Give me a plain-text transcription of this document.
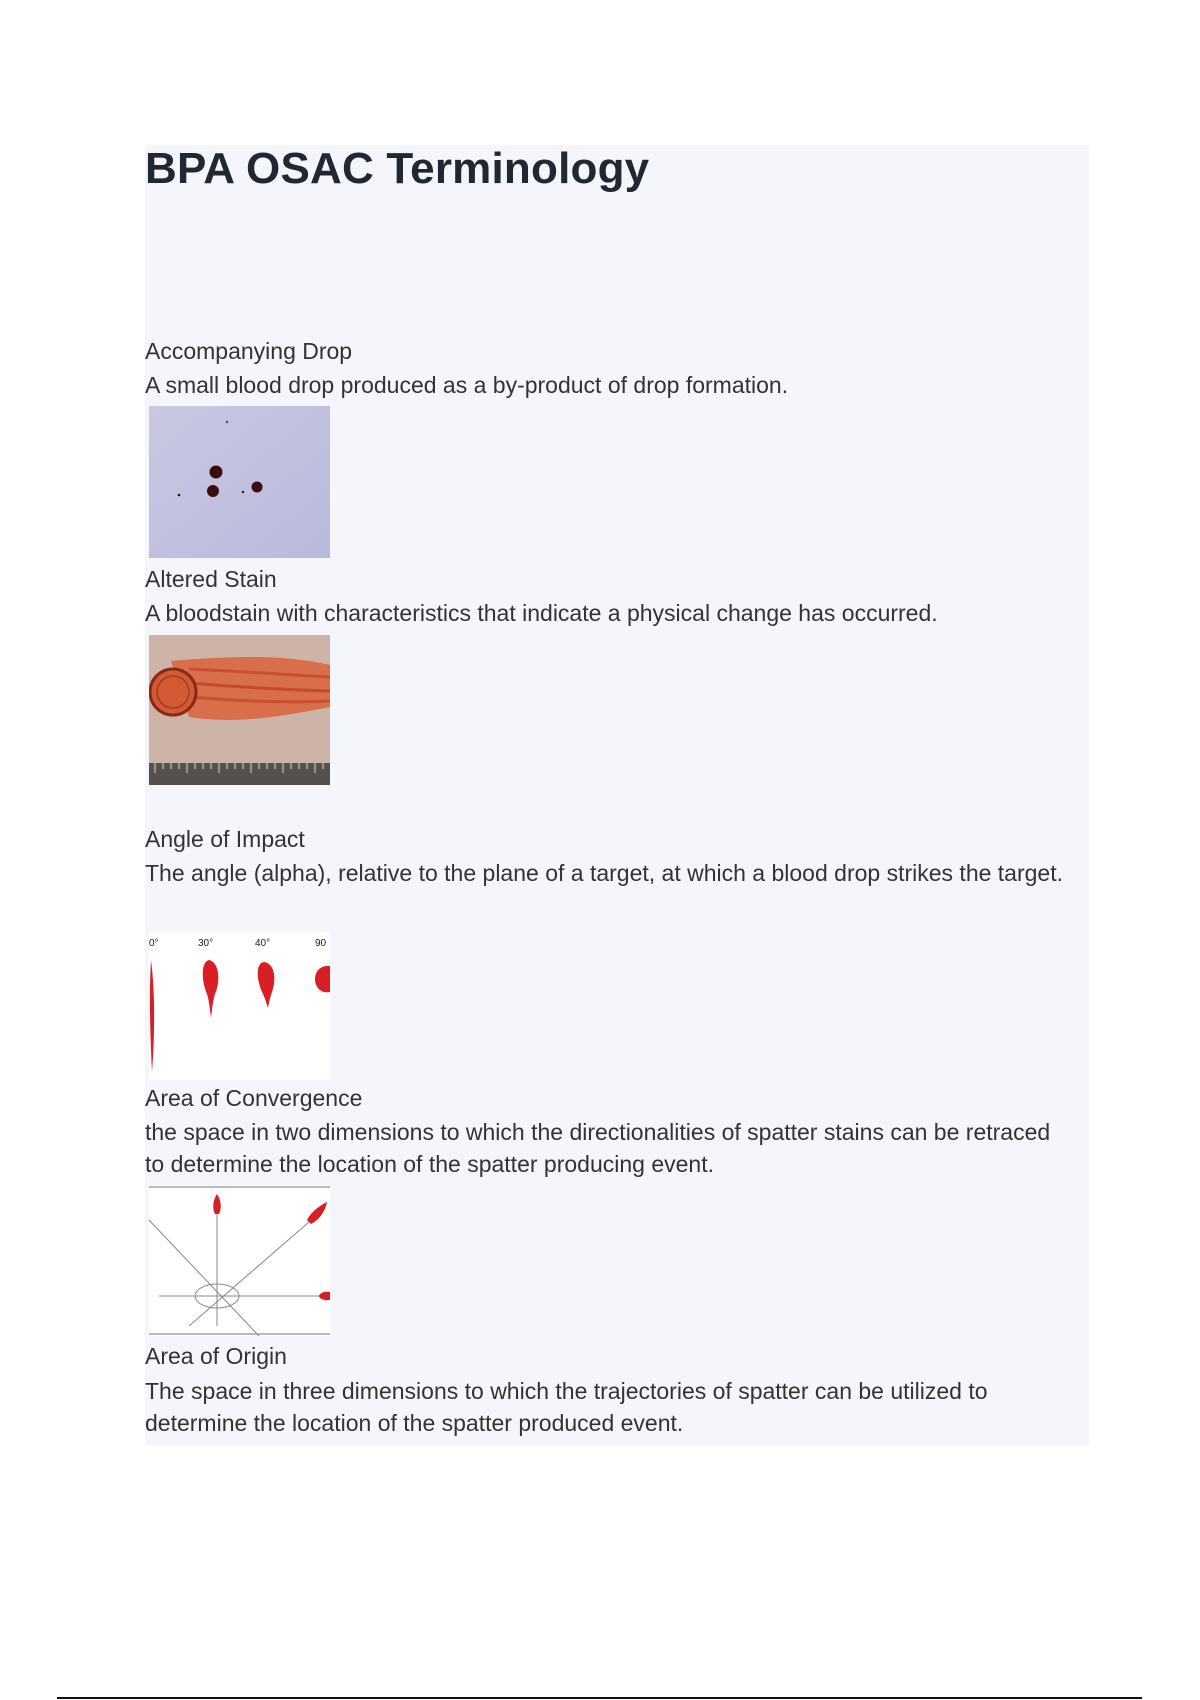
BPA OSAC Terminology

Accompanying Drop

A small blood drop produced as a by-product of drop formation.

Altered Stain

A bloodstain with characteristics that indicate a physical change has occurred.

Angle of Impact

The angle (alpha), relative to the plane of a target, at which a blood drop strikes the target.

0°	30°	40°	90

Area of Convergence

the space in two dimensions to which the directionalities of spatter stains can be retraced to determine the location of the spatter producing event.

Area of Origin

The space in three dimensions to which the trajectories of spatter can be utilized to determine the location of the spatter produced event.
